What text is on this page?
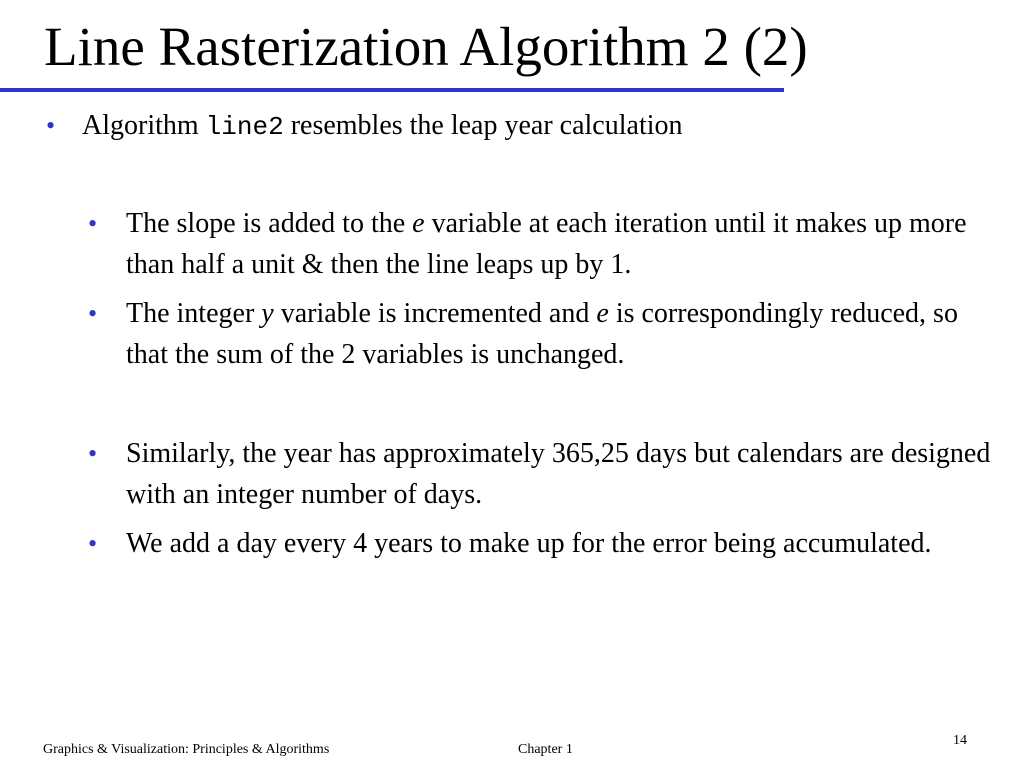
Line Rasterization Algorithm 2 (2)
• Algorithm line2 resembles the leap year calculation
• The slope is added to the e variable at each iteration until it makes up more than half a unit & then the line leaps up by 1.
• The integer y variable is incremented and e is correspondingly reduced, so that the sum of the 2 variables is unchanged.
• Similarly, the year has approximately 365,25 days but calendars are designed with an integer number of days.
• We add a day every 4 years to make up for the error being accumulated.
Graphics & Visualization: Principles & Algorithms	Chapter 1
14
